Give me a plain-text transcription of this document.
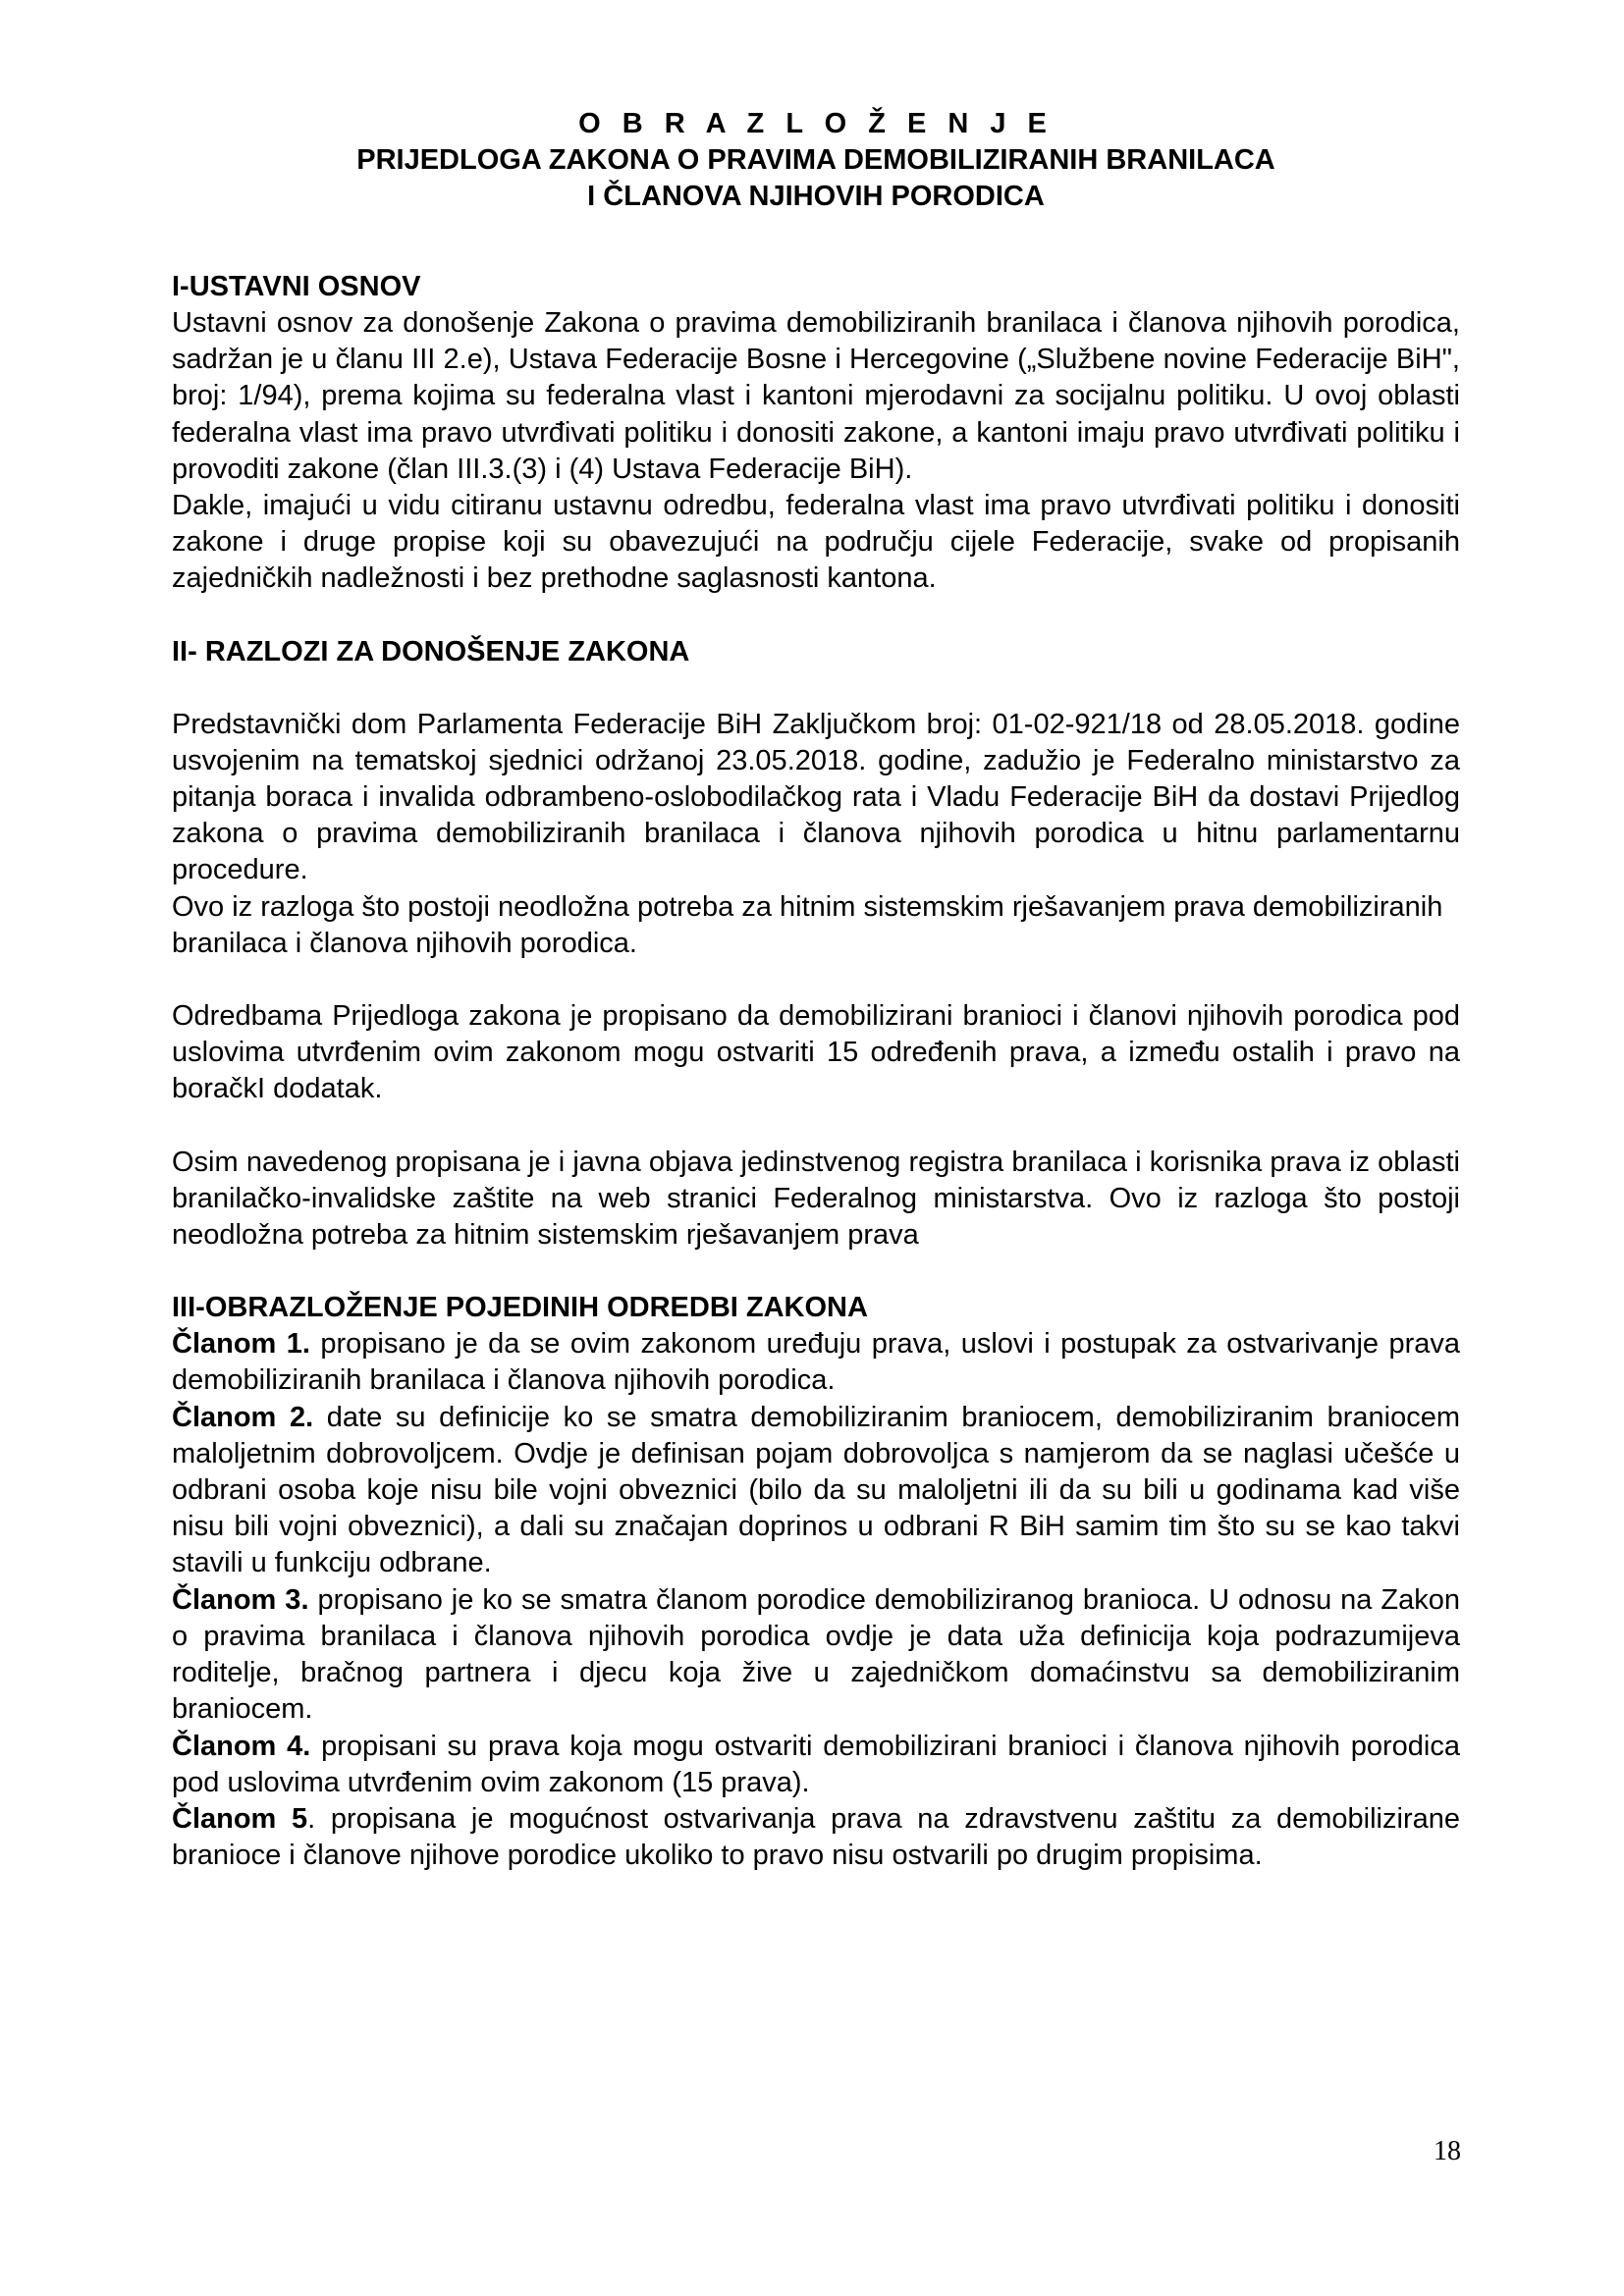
O B R A Z L O Ž E N J E
PRIJEDLOGA ZAKONA O PRAVIMA DEMOBILIZIRANIH BRANILACA
I ČLANOVA NJIHOVIH PORODICA
I-USTAVNI OSNOV

Ustavni osnov za donošenje Zakona o pravima demobiliziranih branilaca i članova njihovih porodica, sadržan je u članu III 2.e), Ustava Federacije Bosne i Hercegovine („Službene novine Federacije BiH", broj: 1/94), prema kojima su federalna vlast i kantoni mjerodavni za socijalnu politiku. U ovoj oblasti federalna vlast ima pravo utvrđivati politiku i donositi zakone, a kantoni imaju pravo utvrđivati politiku i provoditi zakone (član III.3.(3) i (4) Ustava Federacije BiH).

Dakle, imajući u vidu citiranu ustavnu odredbu, federalna vlast ima pravo utvrđivati politiku i donositi zakone i druge propise koji su obavezujući na području cijele Federacije, svake od propisanih zajedničkih nadležnosti i bez prethodne saglasnosti kantona.

II- RAZLOZI ZA DONOŠENJE ZAKONA

Predstavnički dom Parlamenta Federacije BiH Zaključkom broj: 01-02-921/18 od 28.05.2018. godine usvojenim na tematskoj sjednici održanoj 23.05.2018. godine, zadužio je Federalno ministarstvo za pitanja boraca i invalida odbrambeno-oslobodilačkog rata i Vladu Federacije BiH da dostavi Prijedlog zakona o pravima demobiliziranih branilaca i članova njihovih porodica u hitnu parlamentarnu procedure.

Ovo iz razloga što postoji neodložna potreba za hitnim sistemskim rješavanjem prava demobiliziranih branilaca i članova njihovih porodica.

Odredbama Prijedloga zakona je propisano da demobilizirani branioci i članovi njihovih porodica pod uslovima utvrđenim ovim zakonom mogu ostvariti 15 određenih prava, a između ostalih i pravo na boračkI dodatak.

Osim navedenog propisana je i javna objava jedinstvenog registra branilaca i korisnika prava iz oblasti branilačko-invalidske zaštite na web stranici Federalnog ministarstva. Ovo iz razloga što postoji neodložna potreba za hitnim sistemskim rješavanjem prava

III-OBRAZLOŽENJE POJEDINIH ODREDBI ZAKONA

Članom 1. propisano je da se ovim zakonom uređuju prava, uslovi i postupak za ostvarivanje prava demobiliziranih branilaca i članova njihovih porodica.

Članom 2. date su definicije ko se smatra demobiliziranim braniocem, demobiliziranim braniocem maloljetnim dobrovoljcem. Ovdje je definisan pojam dobrovoljca s namjerom da se naglasi učešće u odbrani osoba koje nisu bile vojni obveznici (bilo da su maloljetni ili da su bili u godinama kad više nisu bili vojni obveznici), a dali su značajan doprinos u odbrani R BiH samim tim što su se kao takvi stavili u funkciju odbrane.

Članom 3. propisano je ko se smatra članom porodice demobiliziranog branioca. U odnosu na Zakon o pravima branilaca i članova njihovih porodica ovdje je data uža definicija koja podrazumijeva roditelje, bračnog partnera i djecu koja žive u zajedničkom domaćinstvu sa demobiliziranim braniocem.

Članom 4. propisani su prava koja mogu ostvariti demobilizirani branioci i članova njihovih porodica pod uslovima utvrđenim ovim zakonom (15 prava).

Članom 5. propisana je mogućnost ostvarivanja prava na zdravstvenu zaštitu za demobilizirane branioce i članove njihove porodice ukoliko to pravo nisu ostvarili po drugim propisima.

18
